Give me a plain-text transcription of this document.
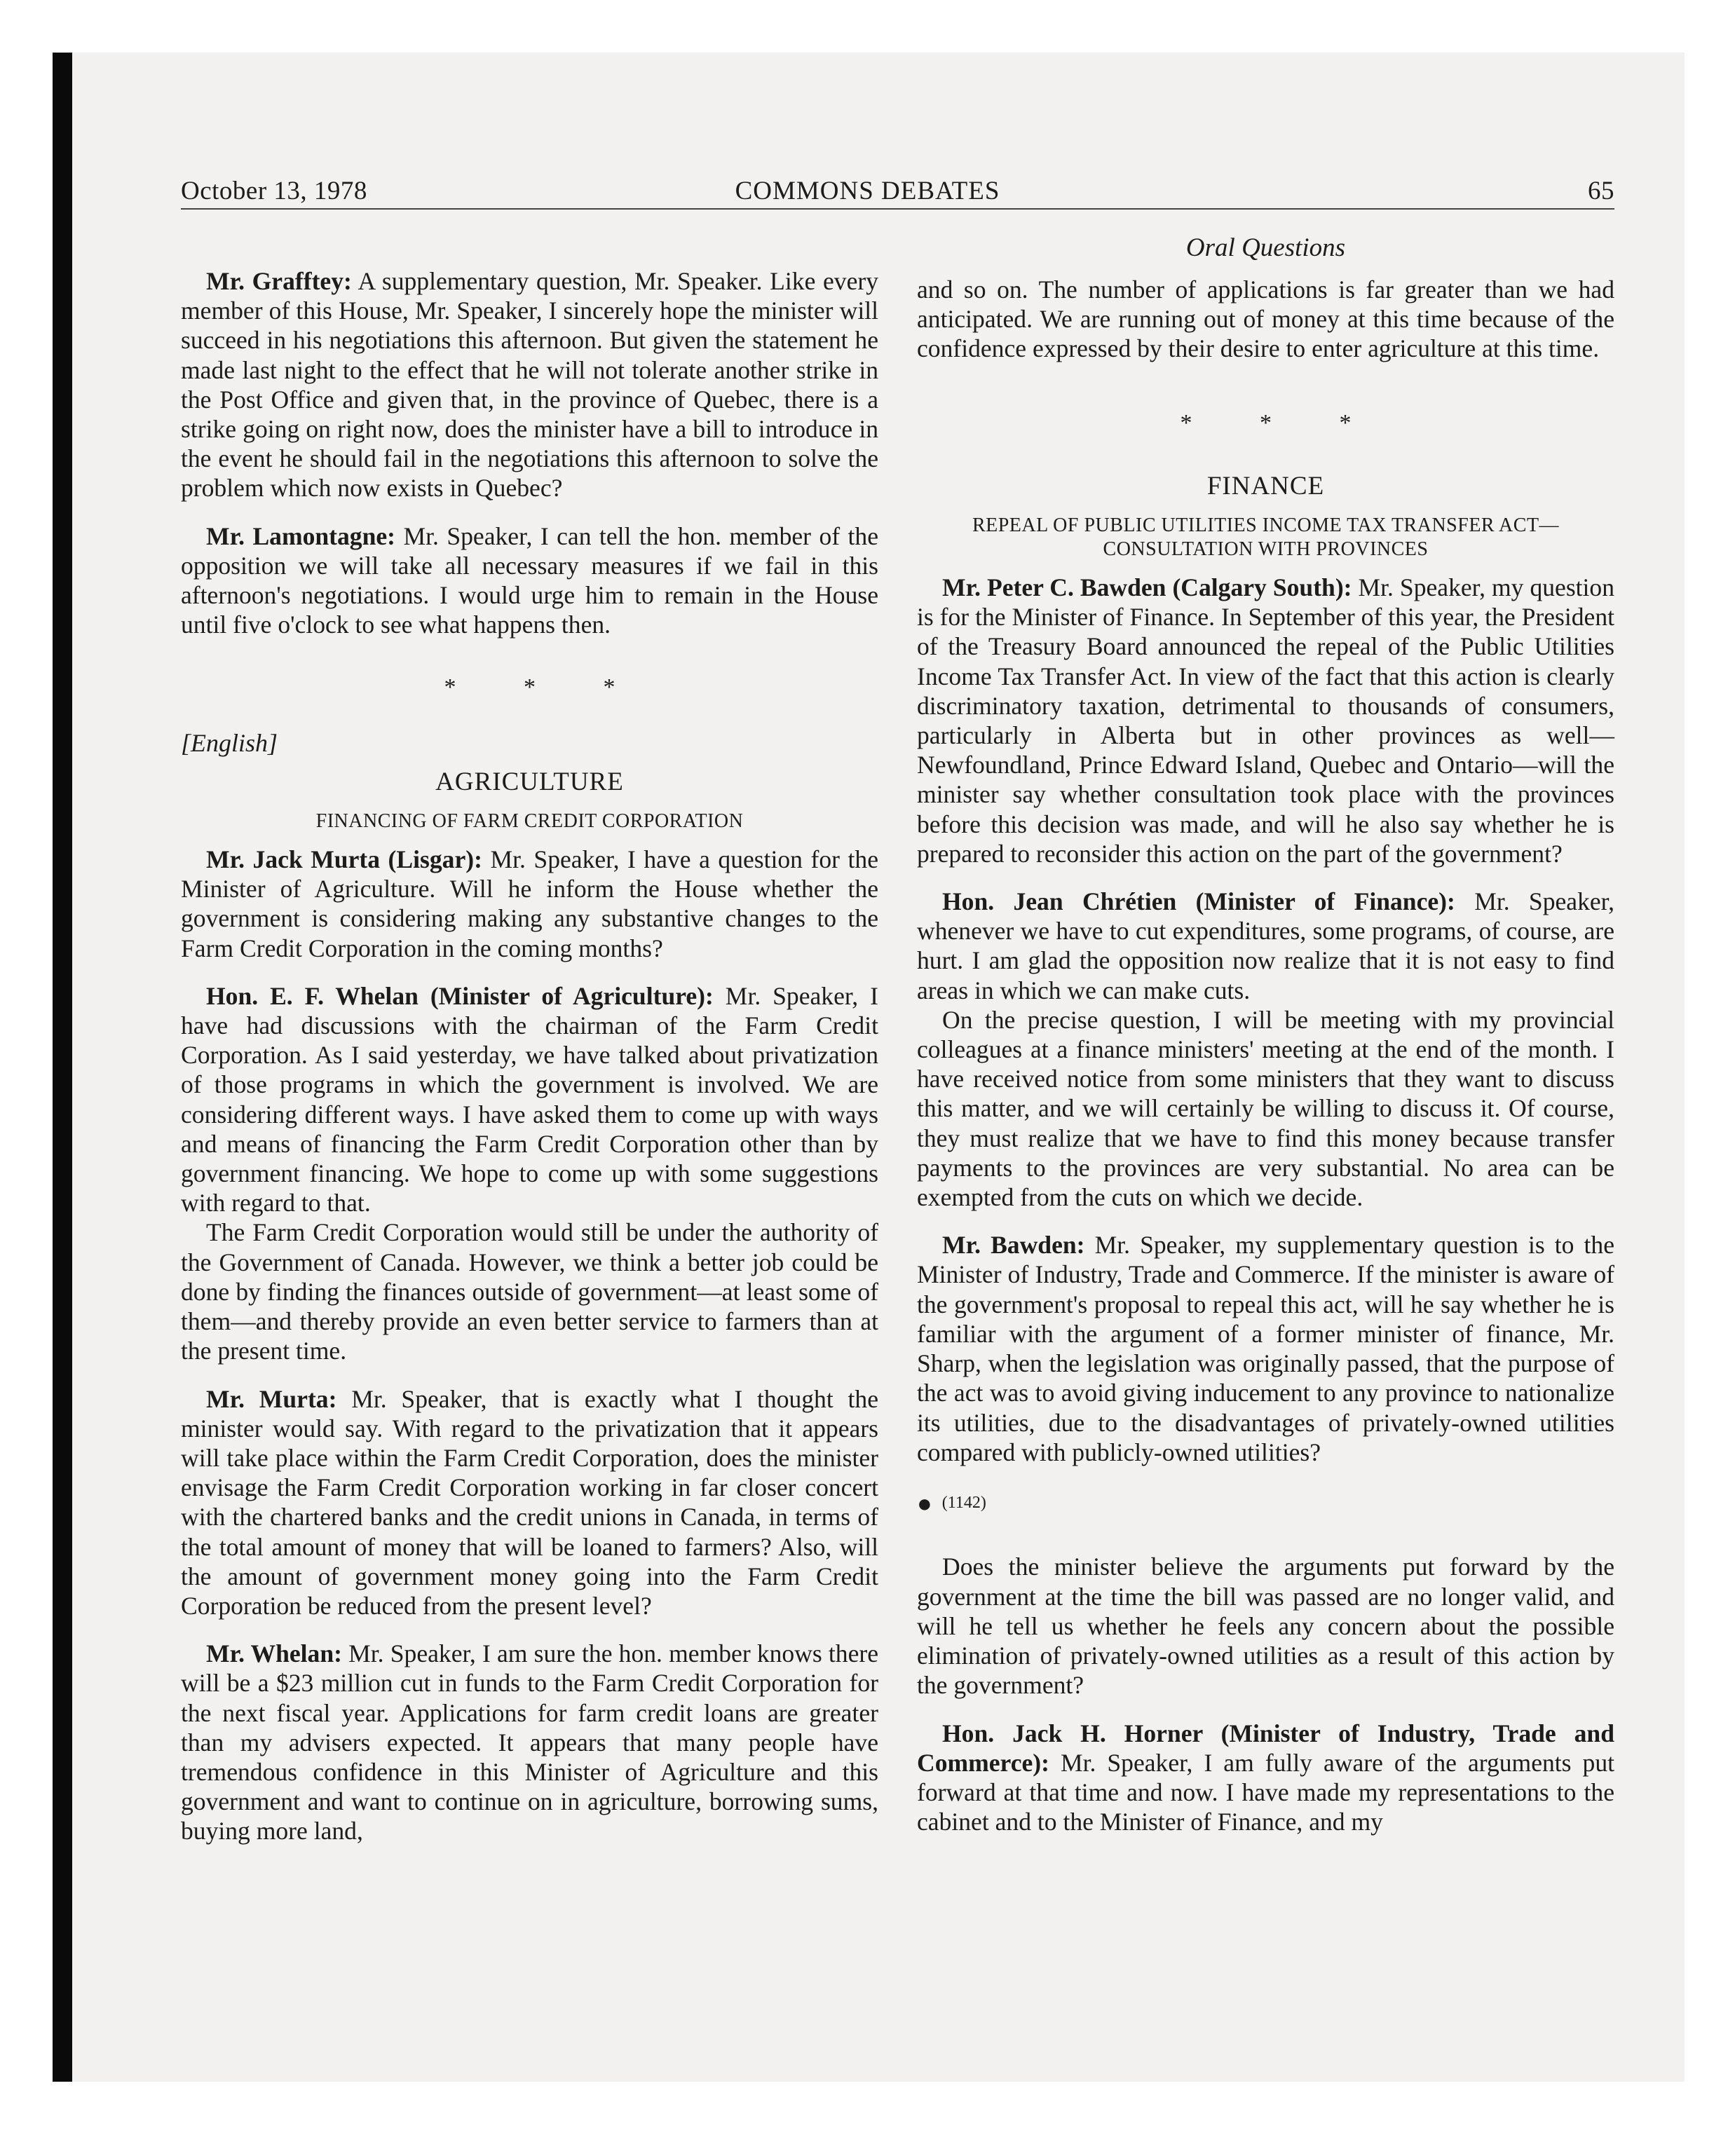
October 13, 1978	COMMONS DEBATES	65
Oral Questions

Mr. Grafftey: A supplementary question, Mr. Speaker. Like every member of this House, Mr. Speaker, I sincerely hope the minister will succeed in his negotiations this afternoon. But given the statement he made last night to the effect that he will not tolerate another strike in the Post Office and given that, in the province of Quebec, there is a strike going on right now, does the minister have a bill to introduce in the event he should fail in the negotiations this afternoon to solve the problem which now exists in Quebec?

Mr. Lamontagne: Mr. Speaker, I can tell the hon. member of the opposition we will take all necessary measures if we fail in this afternoon's negotiations. I would urge him to remain in the House until five o'clock to see what happens then.

* * *
[English]
AGRICULTURE
FINANCING OF FARM CREDIT CORPORATION

Mr. Jack Murta (Lisgar): Mr. Speaker, I have a question for the Minister of Agriculture. Will he inform the House whether the government is considering making any substantive changes to the Farm Credit Corporation in the coming months?

Hon. E. F. Whelan (Minister of Agriculture): Mr. Speaker, I have had discussions with the chairman of the Farm Credit Corporation. As I said yesterday, we have talked about privatization of those programs in which the government is involved. We are considering different ways. I have asked them to come up with ways and means of financing the Farm Credit Corporation other than by government financing. We hope to come up with some suggestions with regard to that.

The Farm Credit Corporation would still be under the authority of the Government of Canada. However, we think a better job could be done by finding the finances outside of government—at least some of them—and thereby provide an even better service to farmers than at the present time.

Mr. Murta: Mr. Speaker, that is exactly what I thought the minister would say. With regard to the privatization that it appears will take place within the Farm Credit Corporation, does the minister envisage the Farm Credit Corporation working in far closer concert with the chartered banks and the credit unions in Canada, in terms of the total amount of money that will be loaned to farmers? Also, will the amount of government money going into the Farm Credit Corporation be reduced from the present level?

Mr. Whelan: Mr. Speaker, I am sure the hon. member knows there will be a $23 million cut in funds to the Farm Credit Corporation for the next fiscal year. Applications for farm credit loans are greater than my advisers expected. It appears that many people have tremendous confidence in this Minister of Agriculture and this government and want to continue on in agriculture, borrowing sums, buying more land,

and so on. The number of applications is far greater than we had anticipated. We are running out of money at this time because of the confidence expressed by their desire to enter agriculture at this time.

* * *
FINANCE
REPEAL OF PUBLIC UTILITIES INCOME TAX TRANSFER ACT— CONSULTATION WITH PROVINCES

Mr. Peter C. Bawden (Calgary South): Mr. Speaker, my question is for the Minister of Finance. In September of this year, the President of the Treasury Board announced the repeal of the Public Utilities Income Tax Transfer Act. In view of the fact that this action is clearly discriminatory taxation, detrimental to thousands of consumers, particularly in Alberta but in other provinces as well—Newfoundland, Prince Edward Island, Quebec and Ontario—will the minister say whether consultation took place with the provinces before this decision was made, and will he also say whether he is prepared to reconsider this action on the part of the government?

Hon. Jean Chrétien (Minister of Finance): Mr. Speaker, whenever we have to cut expenditures, some programs, of course, are hurt. I am glad the opposition now realize that it is not easy to find areas in which we can make cuts.

On the precise question, I will be meeting with my provincial colleagues at a finance ministers' meeting at the end of the month. I have received notice from some ministers that they want to discuss this matter, and we will certainly be willing to discuss it. Of course, they must realize that we have to find this money because transfer payments to the provinces are very substantial. No area can be exempted from the cuts on which we decide.

Mr. Bawden: Mr. Speaker, my supplementary question is to the Minister of Industry, Trade and Commerce. If the minister is aware of the government's proposal to repeal this act, will he say whether he is familiar with the argument of a former minister of finance, Mr. Sharp, when the legislation was originally passed, that the purpose of the act was to avoid giving inducement to any province to nationalize its utilities, due to the disadvantages of privately-owned utilities compared with publicly-owned utilities?

● (1142)

Does the minister believe the arguments put forward by the government at the time the bill was passed are no longer valid, and will he tell us whether he feels any concern about the possible elimination of privately-owned utilities as a result of this action by the government?

Hon. Jack H. Horner (Minister of Industry, Trade and Commerce): Mr. Speaker, I am fully aware of the arguments put forward at that time and now. I have made my representations to the cabinet and to the Minister of Finance, and my
